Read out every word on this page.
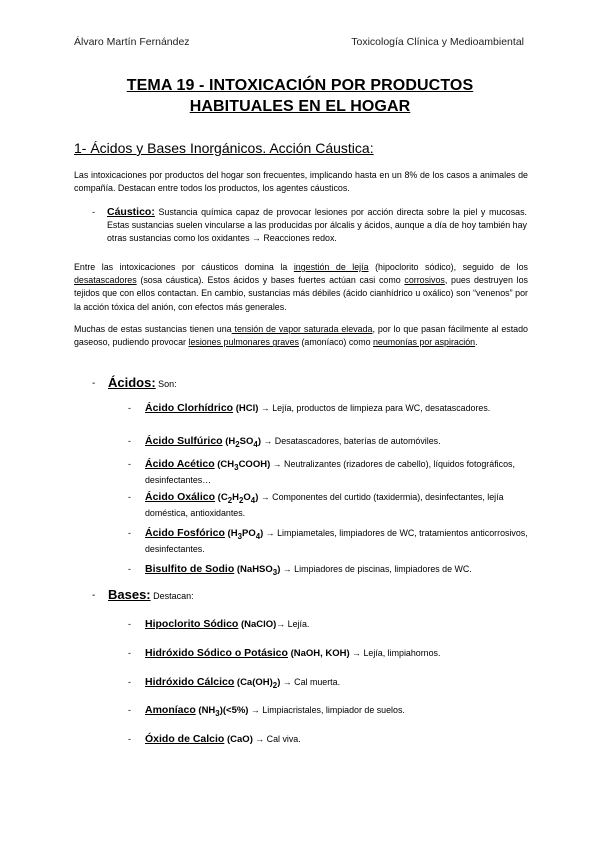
Álvaro Martín Fernández	Toxicología Clínica y Medioambiental
TEMA 19 - INTOXICACIÓN POR PRODUCTOS
HABITUALES EN EL HOGAR
1- Ácidos y Bases Inorgánicos. Acción Cáustica:
Las intoxicaciones por productos del hogar son frecuentes, implicando hasta en un 8% de los casos a animales de compañía. Destacan entre todos los productos, los agentes cáusticos.
- Cáustico: Sustancia química capaz de provocar lesiones por acción directa sobre la piel y mucosas. Estas sustancias suelen vincularse a las producidas por álcalis y ácidos, aunque a día de hoy también hay otras sustancias como los oxidantes → Reacciones redox.
Entre las intoxicaciones por cáusticos domina la ingestión de lejía (hipoclorito sódico), seguido de los desatascadores (sosa cáustica). Estos ácidos y bases fuertes actúan casi como corrosivos, pues destruyen los tejidos que con ellos contactan. En cambio, sustancias más débiles (ácido cianhídrico u oxálico) son “venenos” por la acción tóxica del anión, con efectos más generales.
Muchas de estas sustancias tienen una tensión de vapor saturada elevada, por lo que pasan fácilmente al estado gaseoso, pudiendo provocar lesiones pulmonares graves (amoníaco) como neumonías por aspiración.
- Ácidos: Son:
- Ácido Clorhídrico (HCl) → Lejía, productos de limpieza para WC, desatascadores.
- Ácido Sulfúrico $(H_2SO_4)$ → Desatascadores, baterías de automóviles.
- Ácido Acético $(CH_3COOH)$ → Neutralizantes (rizadores de cabello), líquidos fotográficos, desinfectantes…
- Ácido Oxálico $(C_2H_2O_4)$ → Componentes del curtido (taxidermia), desinfectantes, lejía doméstica, antioxidantes.
- Ácido Fosfórico $(H_3PO_4)$ → Limpiametales, limpiadores de WC, tratamientos anticorrosivos, desinfectantes.
- Bisulfito de Sodio (NaHSO$_3$) → Limpiadores de piscinas, limpiadores de WC.
- Bases: Destacan:
- Hipoclorito Sódico (NaClO)→ Lejía.
- Hidróxido Sódico o Potásico (NaOH, KOH) → Lejía, limpiahornos.
- Hidróxido Cálcico $(Ca(OH)_2)$ → Cal muerta.
- Amoníaco $(NH_3)(<5\%)$ → Limpiacristales, limpiador de suelos.
- Óxido de Calcio (CaO) → Cal viva.
